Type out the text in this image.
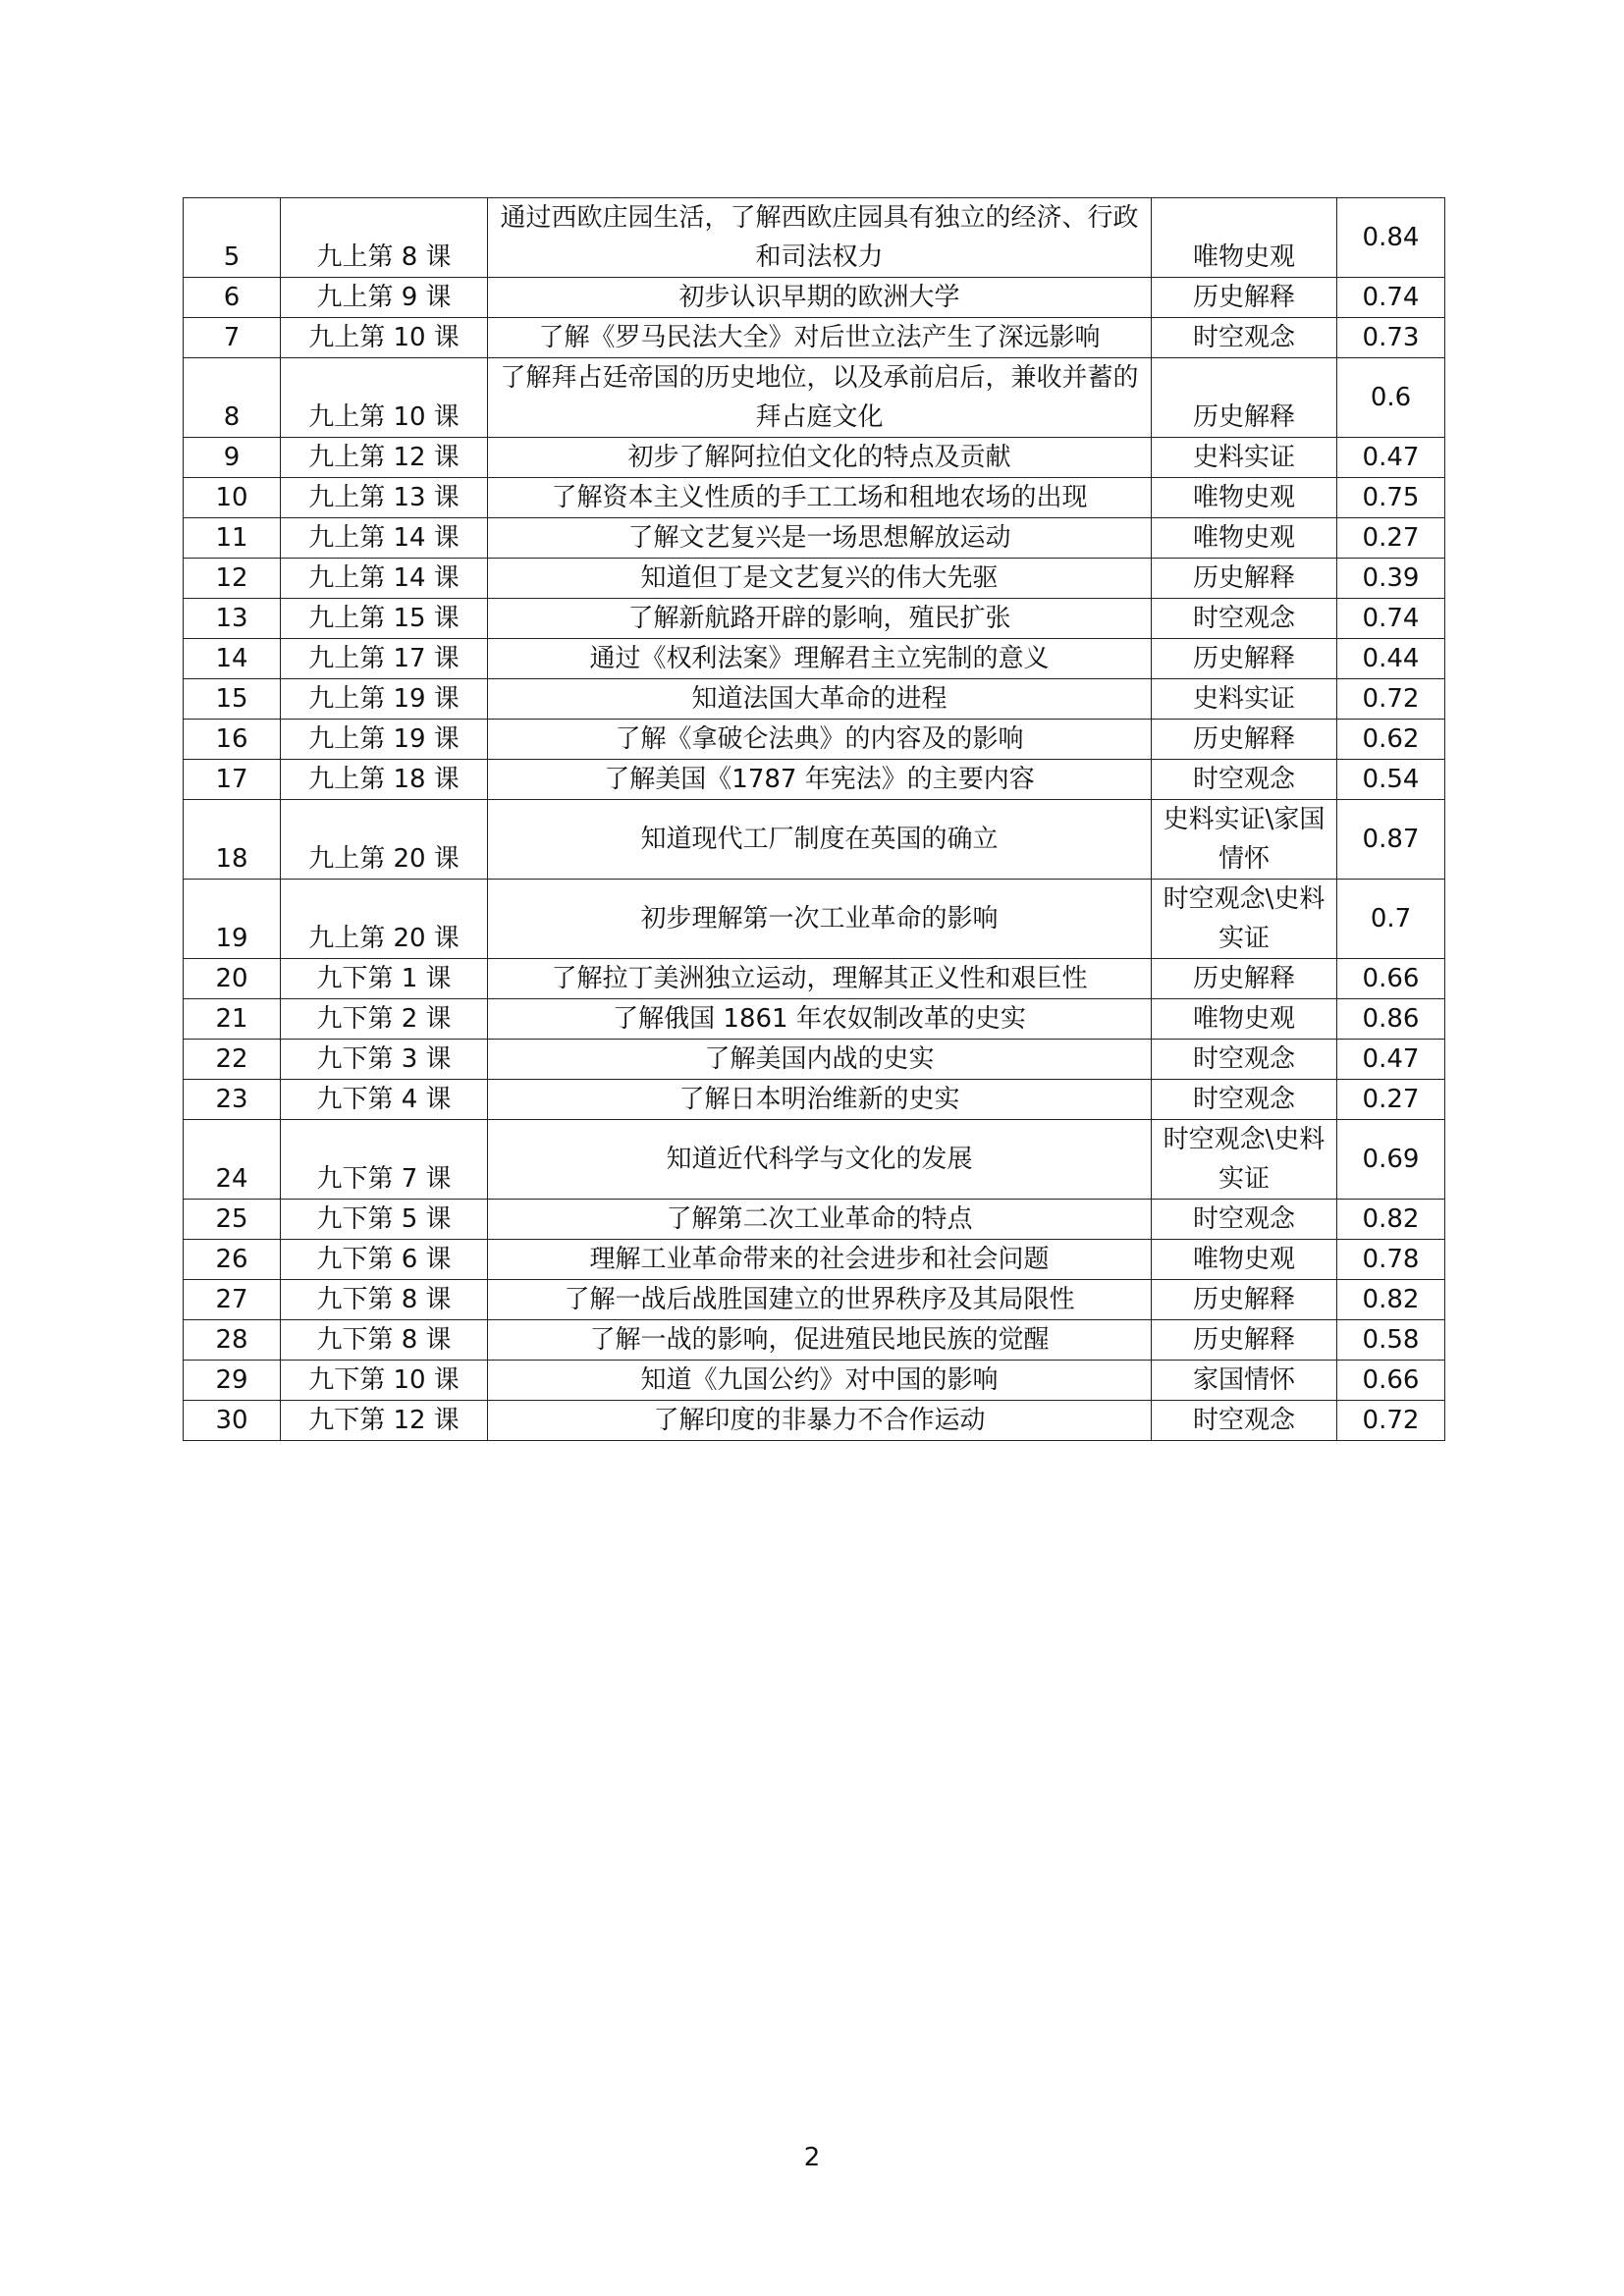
5	九上第 8 课	通过西欧庄园生活，了解西欧庄园具有独立的经济、行政和司法权力	唯物史观	0.84

6	九上第 9 课	初步认识早期的欧洲大学	历史解释	0.74

7	九上第 10 课	了解《罗马民法大全》对后世立法产生了深远影响	时空观念	0.73

8	九上第 10 课	了解拜占廷帝国的历史地位，以及承前启后，兼收并蓄的拜占庭文化	历史解释	0.6

9	九上第 12 课	初步了解阿拉伯文化的特点及贡献	史料实证	0.47

10	九上第 13 课	了解资本主义性质的手工工场和租地农场的出现	唯物史观	0.75

11	九上第 14 课	了解文艺复兴是一场思想解放运动	唯物史观	0.27

12	九上第 14 课	知道但丁是文艺复兴的伟大先驱	历史解释	0.39

13	九上第 15 课	了解新航路开辟的影响，殖民扩张	时空观念	0.74

14	九上第 17 课	通过《权利法案》理解君主立宪制的意义	历史解释	0.44

15	九上第 19 课	知道法国大革命的进程	史料实证	0.72

16	九上第 19 课	了解《拿破仑法典》的内容及的影响	历史解释	0.62

17	九上第 18 课	了解美国《1787 年宪法》的主要内容	时空观念	0.54

18	九上第 20 课	知道现代工厂制度在英国的确立	史料实证\家国情怀	0.87

19	九上第 20 课	初步理解第一次工业革命的影响	时空观念\史料实证	0.7

20	九下第 1 课	了解拉丁美洲独立运动，理解其正义性和艰巨性	历史解释	0.66

21	九下第 2 课	了解俄国 1861 年农奴制改革的史实	唯物史观	0.86

22	九下第 3 课	了解美国内战的史实	时空观念	0.47

23	九下第 4 课	了解日本明治维新的史实	时空观念	0.27

24	九下第 7 课	知道近代科学与文化的发展	时空观念\史料实证	0.69

25	九下第 5 课	了解第二次工业革命的特点	时空观念	0.82

26	九下第 6 课	理解工业革命带来的社会进步和社会问题	唯物史观	0.78

27	九下第 8 课	了解一战后战胜国建立的世界秩序及其局限性	历史解释	0.82

28	九下第 8 课	了解一战的影响，促进殖民地民族的觉醒	历史解释	0.58

29	九下第 10 课	知道《九国公约》对中国的影响	家国情怀	0.66

30	九下第 12 课	了解印度的非暴力不合作运动	时空观念	0.72
2
